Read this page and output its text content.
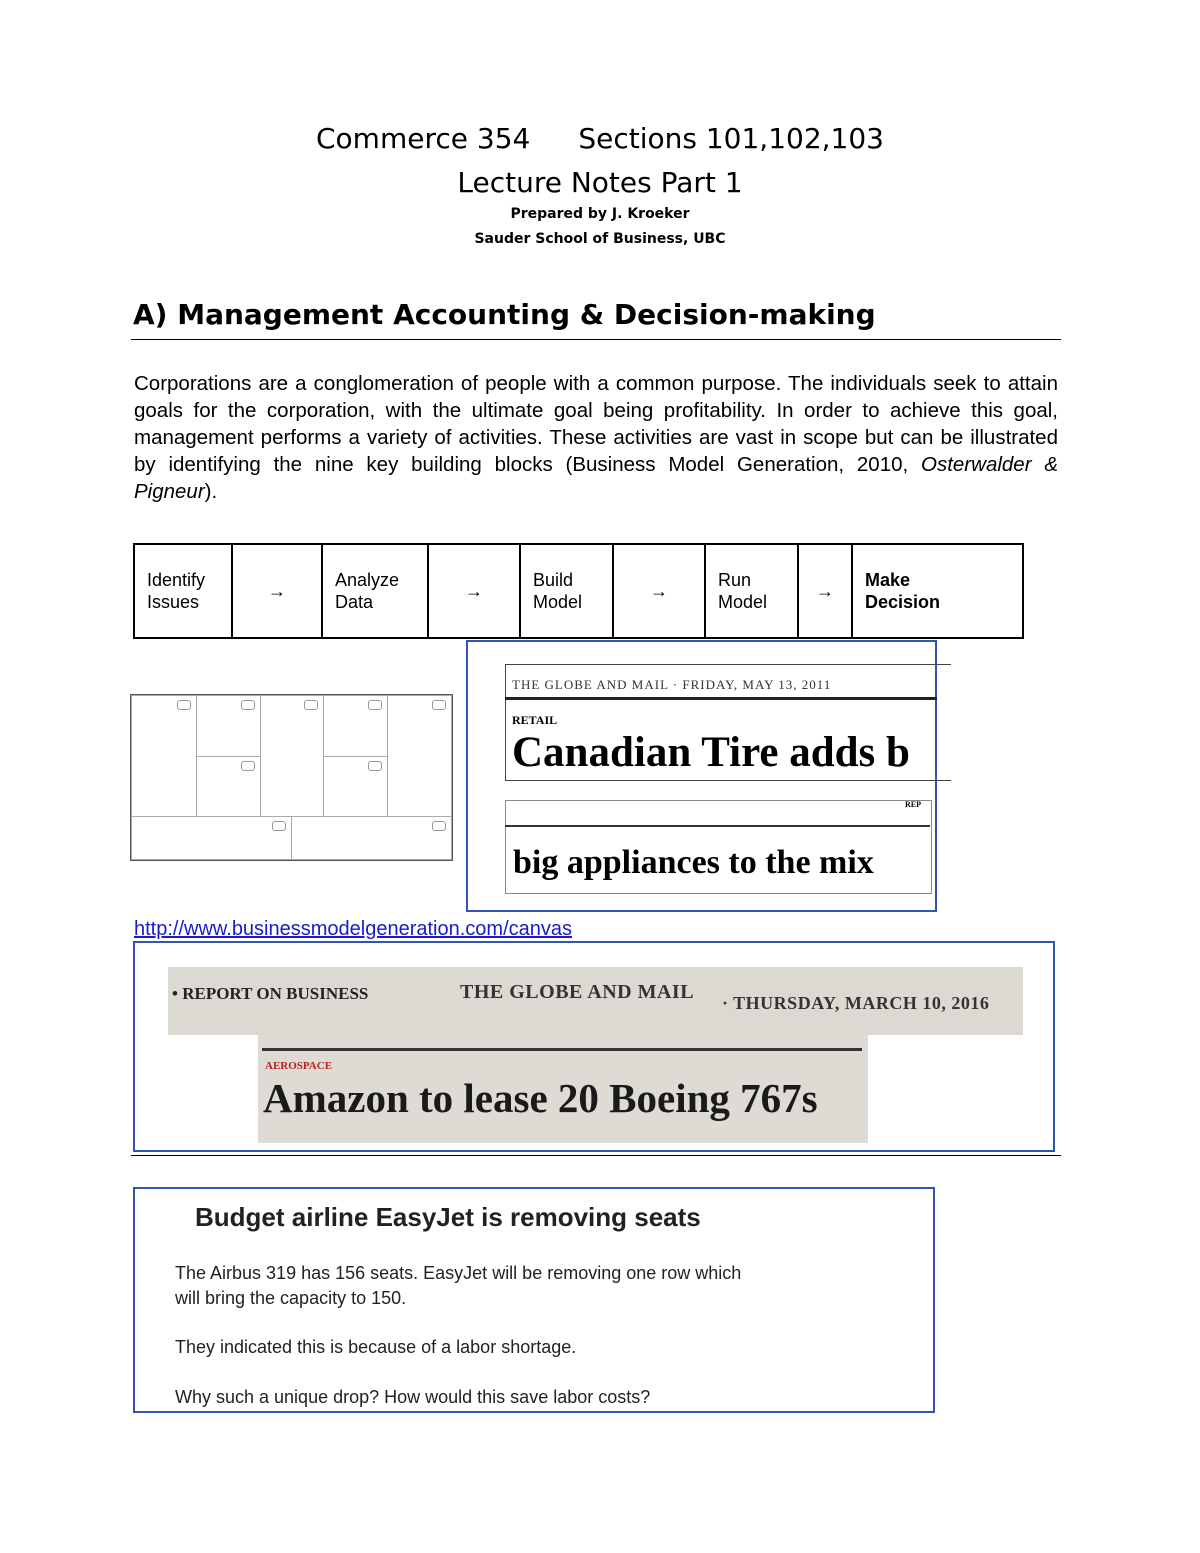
Commerce 354 Sections 101,102,103
Lecture Notes Part 1
Prepared by J. Kroeker
Sauder School of Business, UBC
A) Management Accounting & Decision-making
Corporations are a conglomeration of people with a common purpose. The individuals seek to attain goals for the corporation, with the ultimate goal being profitability. In order to achieve this goal, management performs a variety of activities. These activities are vast in scope but can be illustrated by identifying the nine key building blocks (Business Model Generation, 2010, Osterwalder & Pigneur).
Identify
Issues	→	Analyze
Data	→	Build
Model	→	Run
Model	→	Make
Decision
THE GLOBE AND MAIL · FRIDAY, MAY 13, 2011
RETAIL
Canadian Tire adds b
REP
big appliances to the mix
http://www.businessmodelgeneration.com/canvas
• REPORT ON BUSINESS	THE GLOBE AND MAIL · THURSDAY, MARCH 10, 2016
AEROSPACE
Amazon to lease 20 Boeing 767s
Budget airline EasyJet is removing seats
The Airbus 319 has 156 seats. EasyJet will be removing one row which
will bring the capacity to 150.
They indicated this is because of a labor shortage.
Why such a unique drop? How would this save labor costs?
